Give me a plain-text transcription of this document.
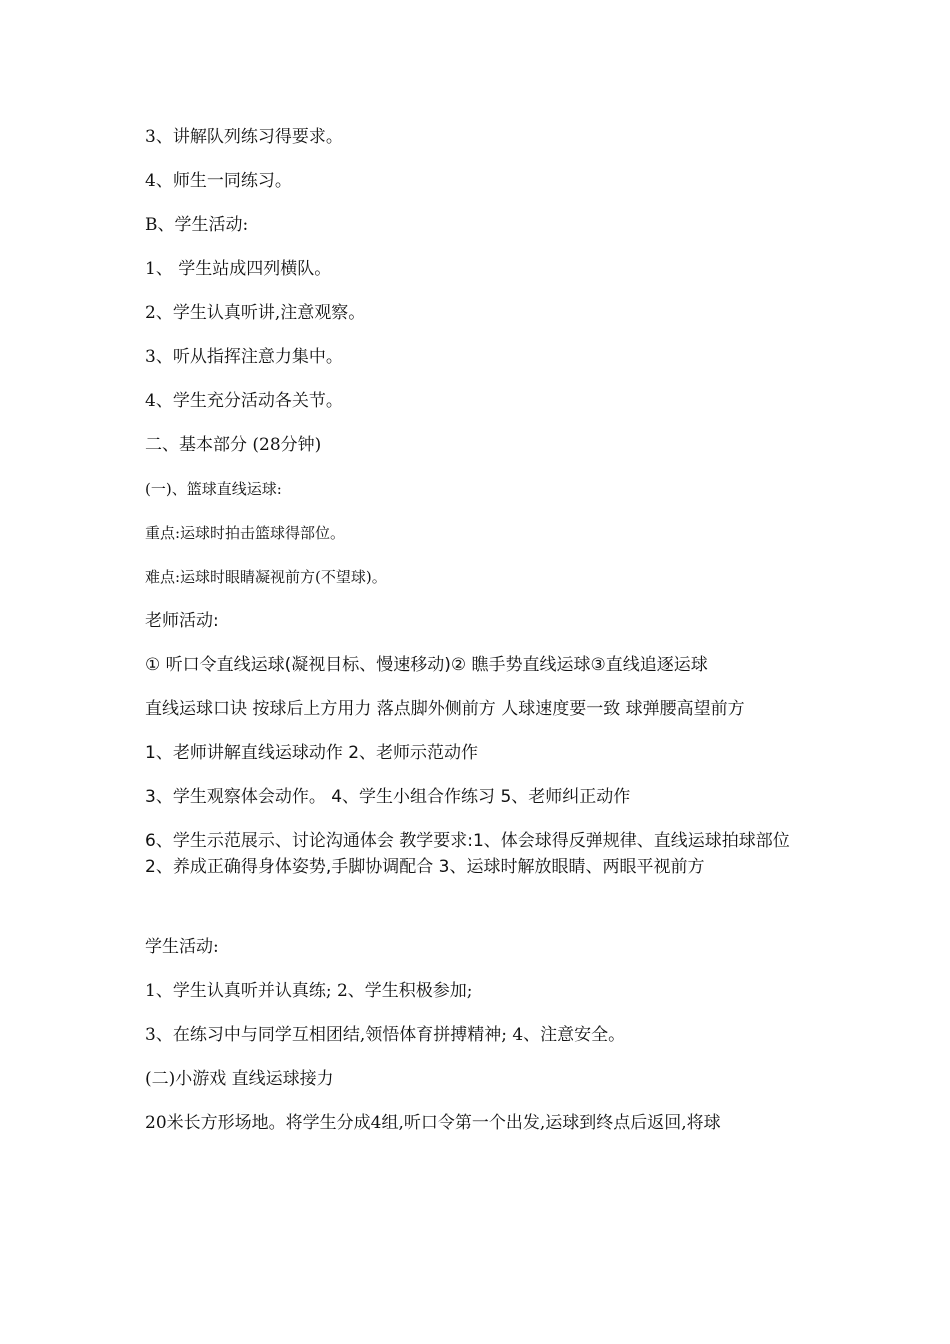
3、讲解队列练习得要求。

4、师生一同练习。

B、学生活动:

1、 学生站成四列横队。

2、学生认真听讲,注意观察。

3、听从指挥注意力集中。

4、学生充分活动各关节。

二、基本部分 (28分钟)

(一)、篮球直线运球:

重点:运球时拍击篮球得部位。

难点:运球时眼睛凝视前方(不望球)。

老师活动:

① 听口令直线运球(凝视目标、慢速移动)② 瞧手势直线运球③直线追逐运球

直线运球口诀 按球后上方用力 落点脚外侧前方 人球速度要一致 球弹腰高望前方

1、老师讲解直线运球动作 2、老师示范动作

3、学生观察体会动作。 4、学生小组合作练习 5、老师纠正动作

6、学生示范展示、讨论沟通体会 教学要求:1、体会球得反弹规律、直线运球拍球部位 2、养成正确得身体姿势,手脚协调配合 3、运球时解放眼睛、两眼平视前方

学生活动:

1、学生认真听并认真练; 2、学生积极参加;

3、在练习中与同学互相团结,领悟体育拼搏精神; 4、注意安全。

(二)小游戏 直线运球接力

20米长方形场地。将学生分成4组,听口令第一个出发,运球到终点后返回,将球
